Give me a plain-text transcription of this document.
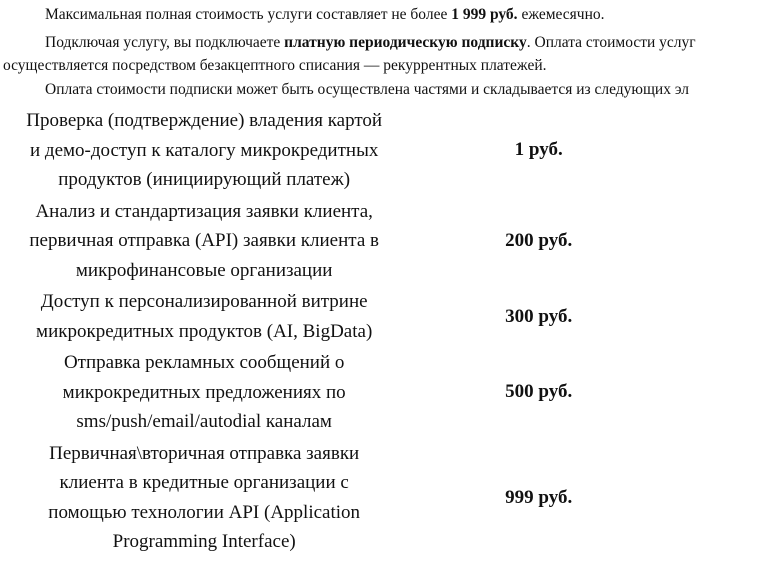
Максимальная полная стоимость услуги составляет не более 1 999 руб. ежемесячно.
Подключая услугу, вы подключаете платную периодическую подписку. Оплата стоимости услуг
осуществляется посредством безакцептного списания — рекуррентных платежей.
Оплата стоимости подписки может быть осуществлена частями и складывается из следующих эл
Проверка (подтверждение) владения картой
и демо-доступ к каталогу микрокредитных
продуктов (инициирующий платеж)	1 руб.

Анализ и стандартизация заявки клиента,
первичная отправка (API) заявки клиента в
микрофинансовые организации	200 руб.

Доступ к персонализированной витрине
микрокредитных продуктов (AI, BigData)	300 руб.

Отправка рекламных сообщений о
микрокредитных предложениях по
sms/push/email/autodial каналам	500 руб.

Первичная\вторичная отправка заявки
клиента в кредитные организации с
помощью технологии API (Application
Programming Interface)	999 руб.
